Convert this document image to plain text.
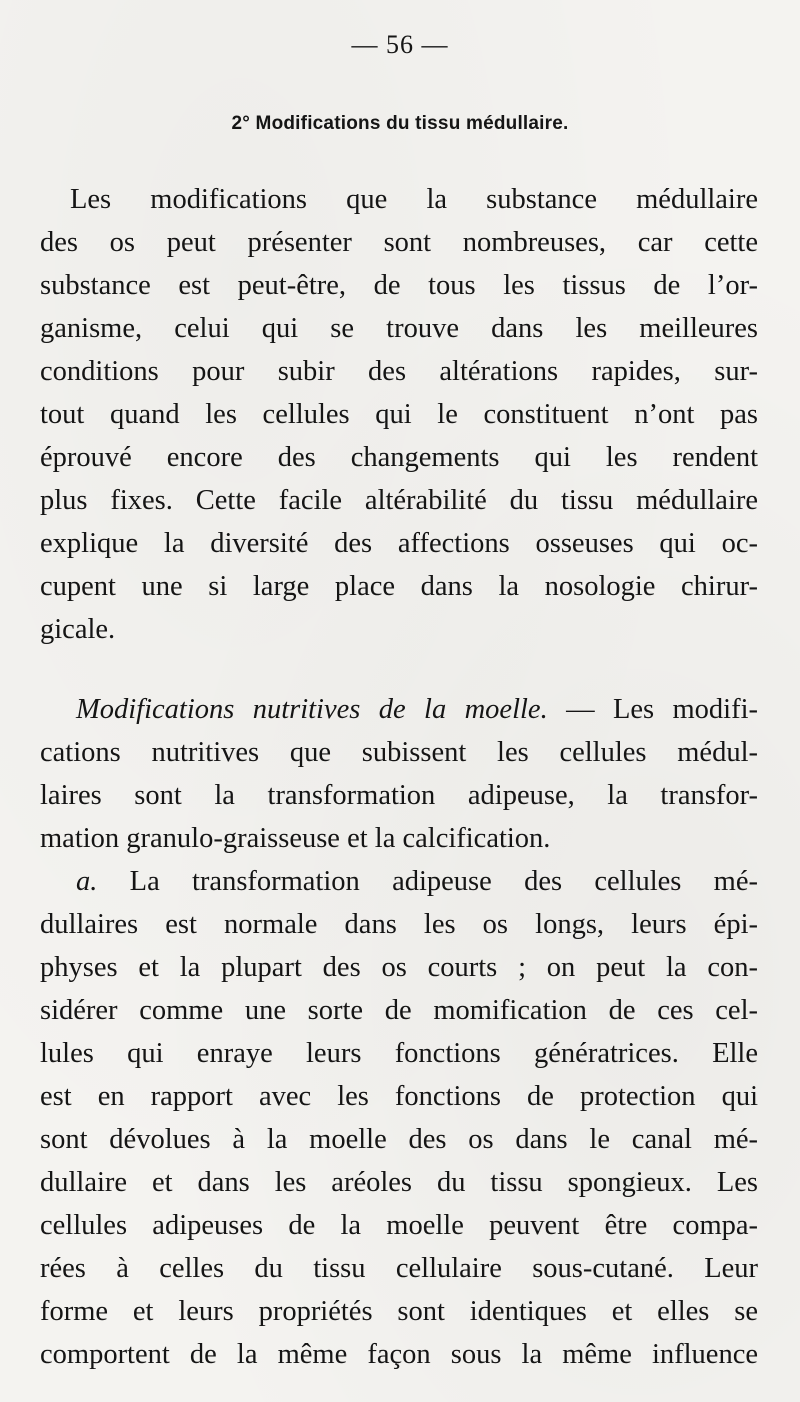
— 56 —
2° Modifications du tissu médullaire.
Les modifications que la substance médullaire
des os peut présenter sont nombreuses, car cette
substance est peut-être, de tous les tissus de l’or-
ganisme, celui qui se trouve dans les meilleures
conditions pour subir des altérations rapides, sur-
tout quand les cellules qui le constituent n’ont pas
éprouvé encore des changements qui les rendent
plus fixes. Cette facile altérabilité du tissu médullaire
explique la diversité des affections osseuses qui oc-
cupent une si large place dans la nosologie chirur-
gicale.
Modifications nutritives de la moelle. — Les modifi-
cations nutritives que subissent les cellules médul-
laires sont la transformation adipeuse, la transfor-
mation granulo-graisseuse et la calcification.
a. La transformation adipeuse des cellules mé-
dullaires est normale dans les os longs, leurs épi-
physes et la plupart des os courts ; on peut la con-
sidérer comme une sorte de momification de ces cel-
lules qui enraye leurs fonctions génératrices. Elle
est en rapport avec les fonctions de protection qui
sont dévolues à la moelle des os dans le canal mé-
dullaire et dans les aréoles du tissu spongieux. Les
cellules adipeuses de la moelle peuvent être compa-
rées à celles du tissu cellulaire sous-cutané. Leur
forme et leurs propriétés sont identiques et elles se
comportent de la même façon sous la même influence
